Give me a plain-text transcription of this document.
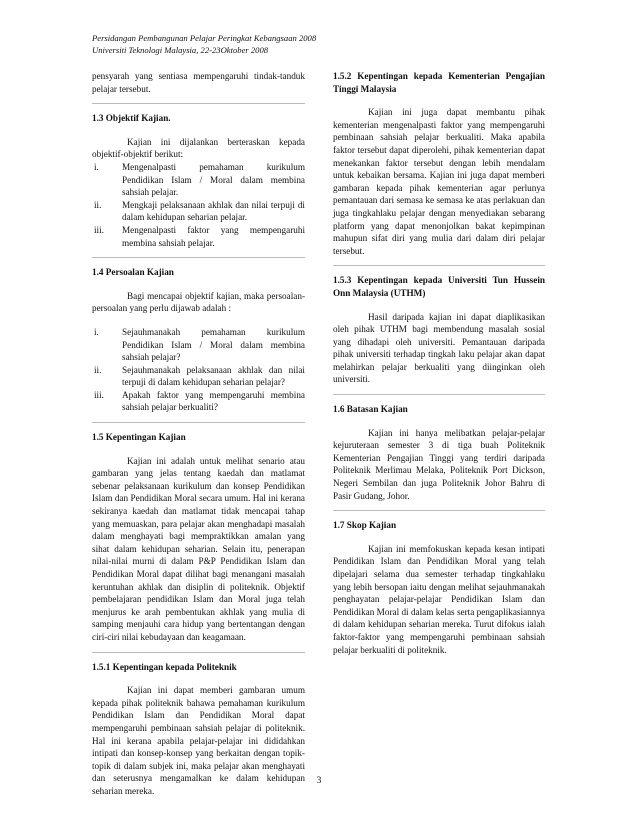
Persidangan Pembangunan Pelajar Peringkat Kebangsaan 2008
Universiti Teknologi Malaysia, 22-23Oktober 2008

pensyarah yang sentiasa mempengaruhi tindak-tanduk pelajar tersebut.

1.3 Objektif Kajian.

Kajian ini dijalankan berteraskan kepada objektif-objektif berikut:

i.	Mengenalpasti pemahaman kurikulum Pendidikan Islam / Moral dalam membina sahsiah pelajar.
ii.	Mengkaji pelaksanaan akhlak dan nilai terpuji di dalam kehidupan seharian pelajar.
iii.	Mengenalpasti faktor yang mempengaruhi membina sahsiah pelajar.

1.4 Persoalan Kajian

Bagi mencapai objektif kajian, maka persoalan-persoalan yang perlu dijawab adalah :

i.	Sejauhmanakah pemahaman kurikulum Pendidikan Islam / Moral dalam membina sahsiah pelajar?
ii.	Sejauhmanakah pelaksanaan akhlak dan nilai terpuji di dalam kehidupan seharian pelajar?
iii.	Apakah faktor yang mempengaruhi membina sahsiah pelajar berkualiti?

1.5 Kepentingan Kajian

Kajian ini adalah untuk melihat senario atau gambaran yang jelas tentang kaedah dan matlamat sebenar pelaksanaan kurikulum dan konsep Pendidikan Islam dan Pendidikan Moral secara umum. Hal ini kerana sekiranya kaedah dan matlamat tidak mencapai tahap yang memuaskan, para pelajar akan menghadapi masalah dalam menghayati bagi mempraktikkan amalan yang sihat dalam kehidupan seharian. Selain itu, penerapan nilai-nilai murni di dalam P&P Pendidikan Islam dan Pendidikan Moral dapat dilihat bagi menangani masalah keruntuhan akhlak dan disiplin di politeknik. Objektif pembelajaran pendidikan Islam dan Moral juga telah menjurus ke arah pembentukan akhlak yang mulia di samping menjauhi cara hidup yang bertentangan dengan ciri-ciri nilai kebudayaan dan keagamaan.

1.5.1 Kepentingan kepada Politeknik

Kajian ini dapat memberi gambaran umum kepada pihak politeknik bahawa pemahaman kurikulum Pendidikan Islam dan Pendidikan Moral dapat mempengaruhi pembinaan sahsiah pelajar di politeknik. Hal ini kerana apabila pelajar-pelajar ini dididahkan intipati dan konsep-konsep yang berkaitan dengan topik-topik di dalam subjek ini, maka pelajar akan menghayati dan seterusnya mengamalkan ke dalam kehidupan seharian mereka.

1.5.2 Kepentingan kepada Kementerian Pengajian Tinggi Malaysia

Kajian ini juga dapat membantu pihak kementerian mengenalpasti faktor yang mempengaruhi pembinaan sahsiah pelajar berkualiti. Maka apabila faktor tersebut dapat diperolehi, pihak kementerian dapat menekankan faktor tersebut dengan lebih mendalam untuk kebaikan bersama. Kajian ini juga dapat memberi gambaran kepada pihak kementerian agar perlunya pemantauan dari semasa ke semasa ke atas perlakuan dan juga tingkahlaku pelajar dengan menyediakan sebarang platform yang dapat menonjolkan bakat kepimpinan mahupun sifat diri yang mulia dari dalam diri pelajar tersebut.

1.5.3 Kepentingan kepada Universiti Tun Hussein Onn Malaysia (UTHM)

Hasil daripada kajian ini dapat diaplikasikan oleh pihak UTHM bagi membendung masalah sosial yang dihadapi oleh universiti. Pemantauan daripada pihak universiti terhadap tingkah laku pelajar akan dapat melahirkan pelajar berkualiti yang diinginkan oleh universiti.

1.6 Batasan Kajian

Kajian ini hanya melibatkan pelajar-pelajar kejuruteraan semester 3 di tiga buah Politeknik Kementerian Pengajian Tinggi yang terdiri daripada Politeknik Merlimau Melaka, Politeknik Port Dickson, Negeri Sembilan dan juga Politeknik Johor Bahru di Pasir Gudang, Johor.

1.7 Skop Kajian

Kajian ini memfokuskan kepada kesan intipati Pendidikan Islam dan Pendidikan Moral yang telah dipelajari selama dua semester terhadap tingkahlaku yang lebih bersopan iaitu dengan melihat sejauhmanakah penghayatan pelajar-pelajar Pendidikan Islam dan Pendidikan Moral di dalam kelas serta pengaplikasiannya di dalam kehidupan seharian mereka. Turut difokus ialah faktor-faktor yang mempengaruhi pembinaan sahsiah pelajar berkualiti di politeknik.

3
